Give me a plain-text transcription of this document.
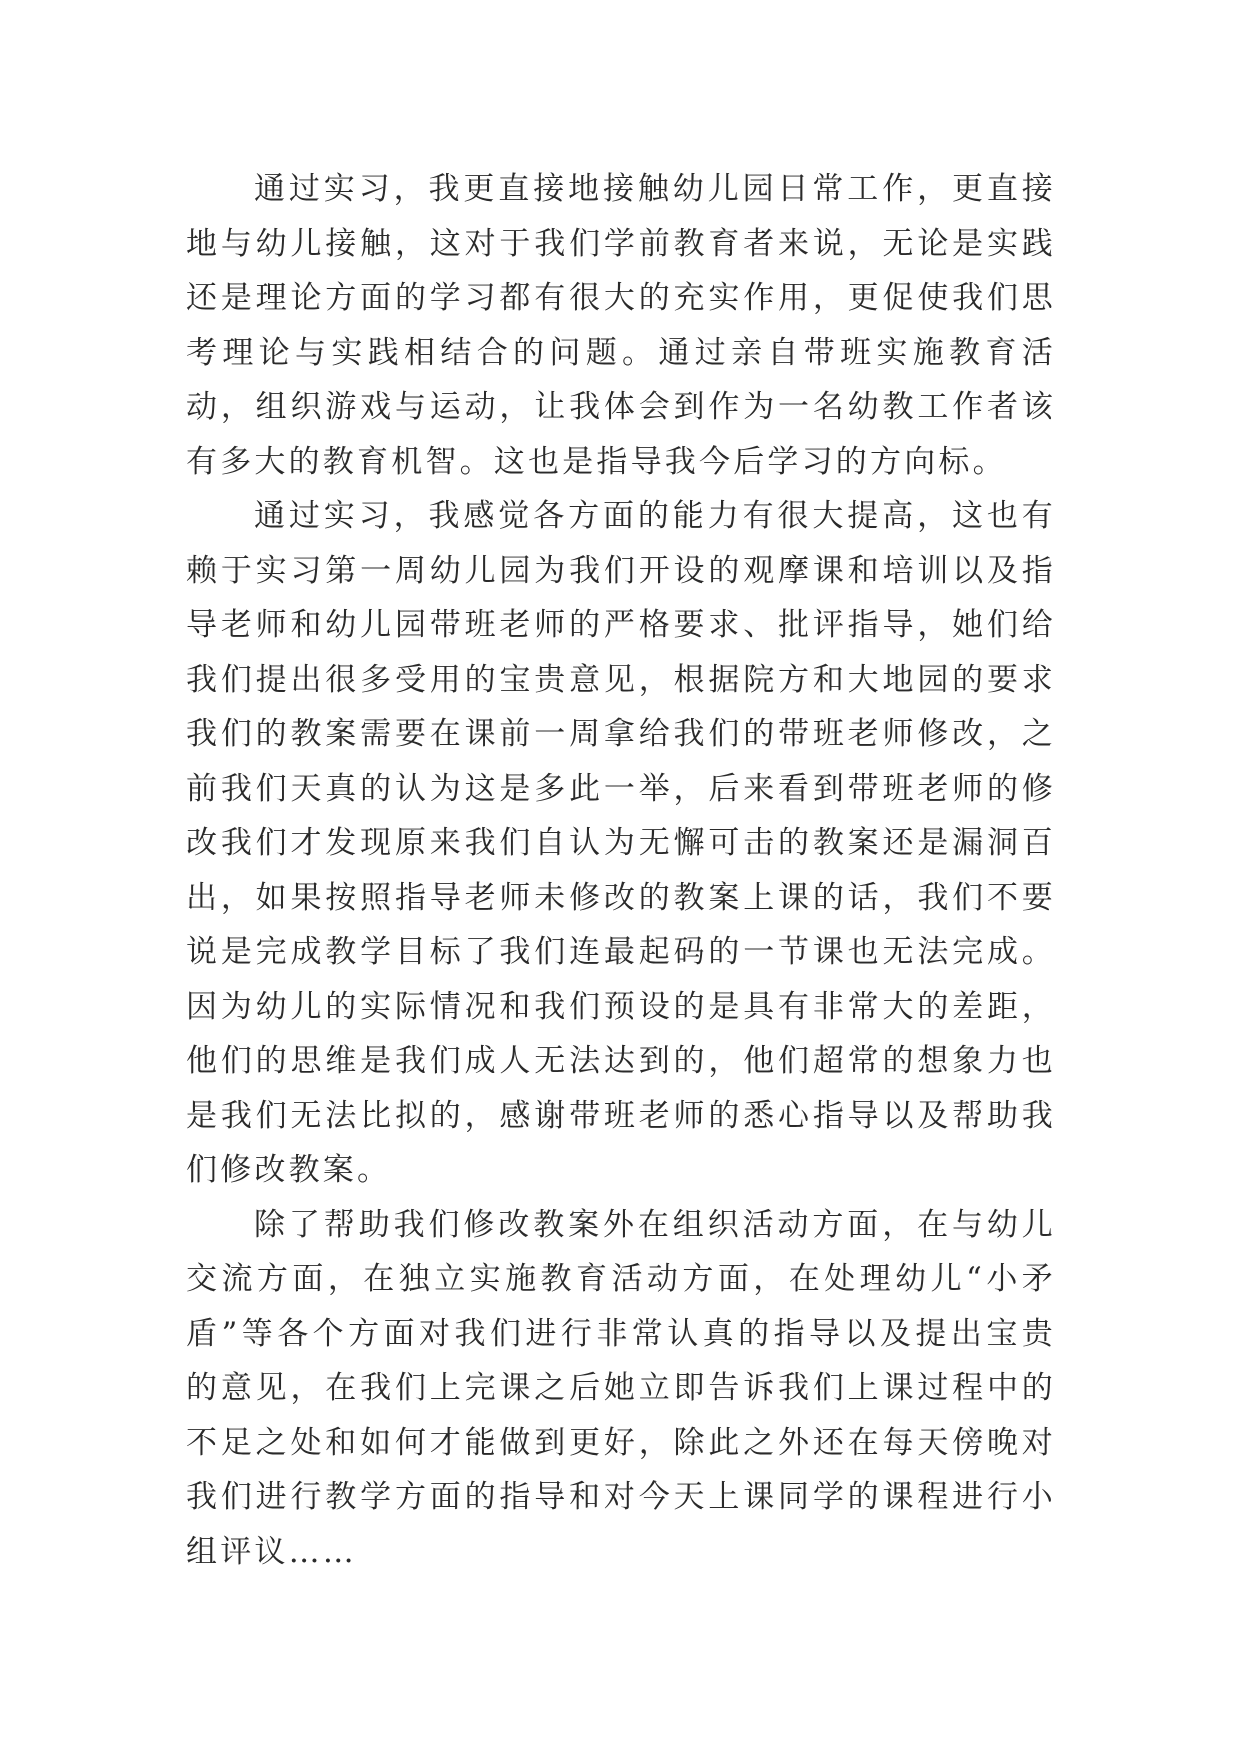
通过实习，我更直接地接触幼儿园日常工作，更直接地与幼儿接触，这对于我们学前教育者来说，无论是实践还是理论方面的学习都有很大的充实作用，更促使我们思考理论与实践相结合的问题。通过亲自带班实施教育活动，组织游戏与运动，让我体会到作为一名幼教工作者该有多大的教育机智。这也是指导我今后学习的方向标。

通过实习，我感觉各方面的能力有很大提高，这也有赖于实习第一周幼儿园为我们开设的观摩课和培训以及指导老师和幼儿园带班老师的严格要求、批评指导，她们给我们提出很多受用的宝贵意见，根据院方和大地园的要求我们的教案需要在课前一周拿给我们的带班老师修改，之前我们天真的认为这是多此一举，后来看到带班老师的修改我们才发现原来我们自认为无懈可击的教案还是漏洞百出，如果按照指导老师未修改的教案上课的话，我们不要说是完成教学目标了我们连最起码的一节课也无法完成。因为幼儿的实际情况和我们预设的是具有非常大的差距，他们的思维是我们成人无法达到的，他们超常的想象力也是我们无法比拟的，感谢带班老师的悉心指导以及帮助我们修改教案。

除了帮助我们修改教案外在组织活动方面，在与幼儿交流方面，在独立实施教育活动方面，在处理幼儿“小矛盾”等各个方面对我们进行非常认真的指导以及提出宝贵的意见，在我们上完课之后她立即告诉我们上课过程中的不足之处和如何才能做到更好，除此之外还在每天傍晚对我们进行教学方面的指导和对今天上课同学的课程进行小组评议……
